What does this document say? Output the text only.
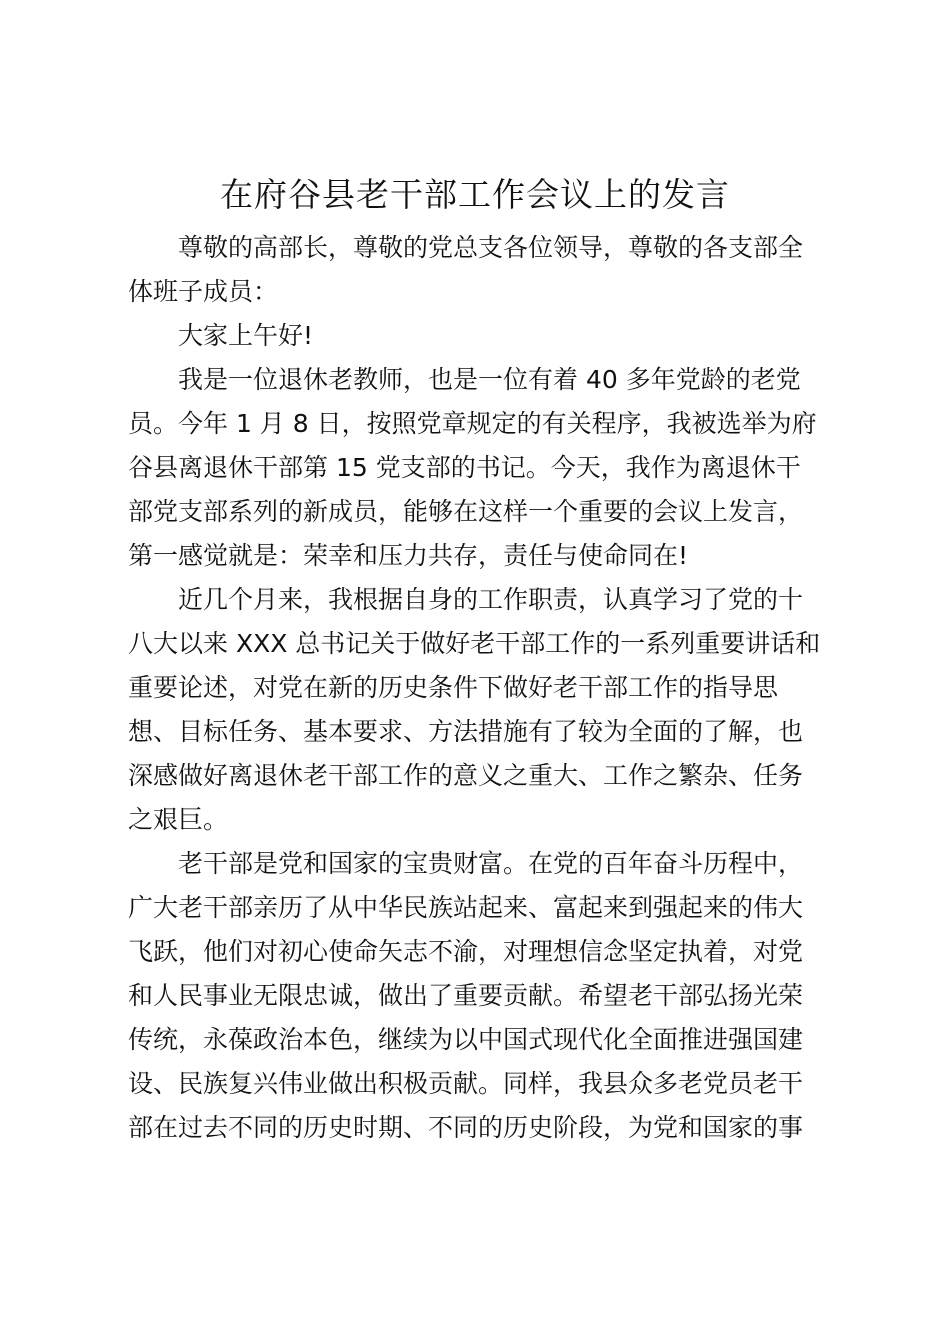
在府谷县老干部工作会议上的发言
尊敬的高部长，尊敬的党总支各位领导，尊敬的各支部全
体班子成员：
大家上午好!
我是一位退休老教师，也是一位有着 40 多年党龄的老党
员。今年 1 月 8 日，按照党章规定的有关程序，我被选举为府
谷县离退休干部第 15 党支部的书记。今天，我作为离退休干
部党支部系列的新成员，能够在这样一个重要的会议上发言，
第一感觉就是：荣幸和压力共存，责任与使命同在!
近几个月来，我根据自身的工作职责，认真学习了党的十
八大以来 XXX 总书记关于做好老干部工作的一系列重要讲话和
重要论述，对党在新的历史条件下做好老干部工作的指导思
想、目标任务、基本要求、方法措施有了较为全面的了解，也
深感做好离退休老干部工作的意义之重大、工作之繁杂、任务
之艰巨。
老干部是党和国家的宝贵财富。在党的百年奋斗历程中，
广大老干部亲历了从中华民族站起来、富起来到强起来的伟大
飞跃，他们对初心使命矢志不渝，对理想信念坚定执着，对党
和人民事业无限忠诚，做出了重要贡献。希望老干部弘扬光荣
传统，永葆政治本色，继续为以中国式现代化全面推进强国建
设、民族复兴伟业做出积极贡献。同样，我县众多老党员老干
部在过去不同的历史时期、不同的历史阶段，为党和国家的事
